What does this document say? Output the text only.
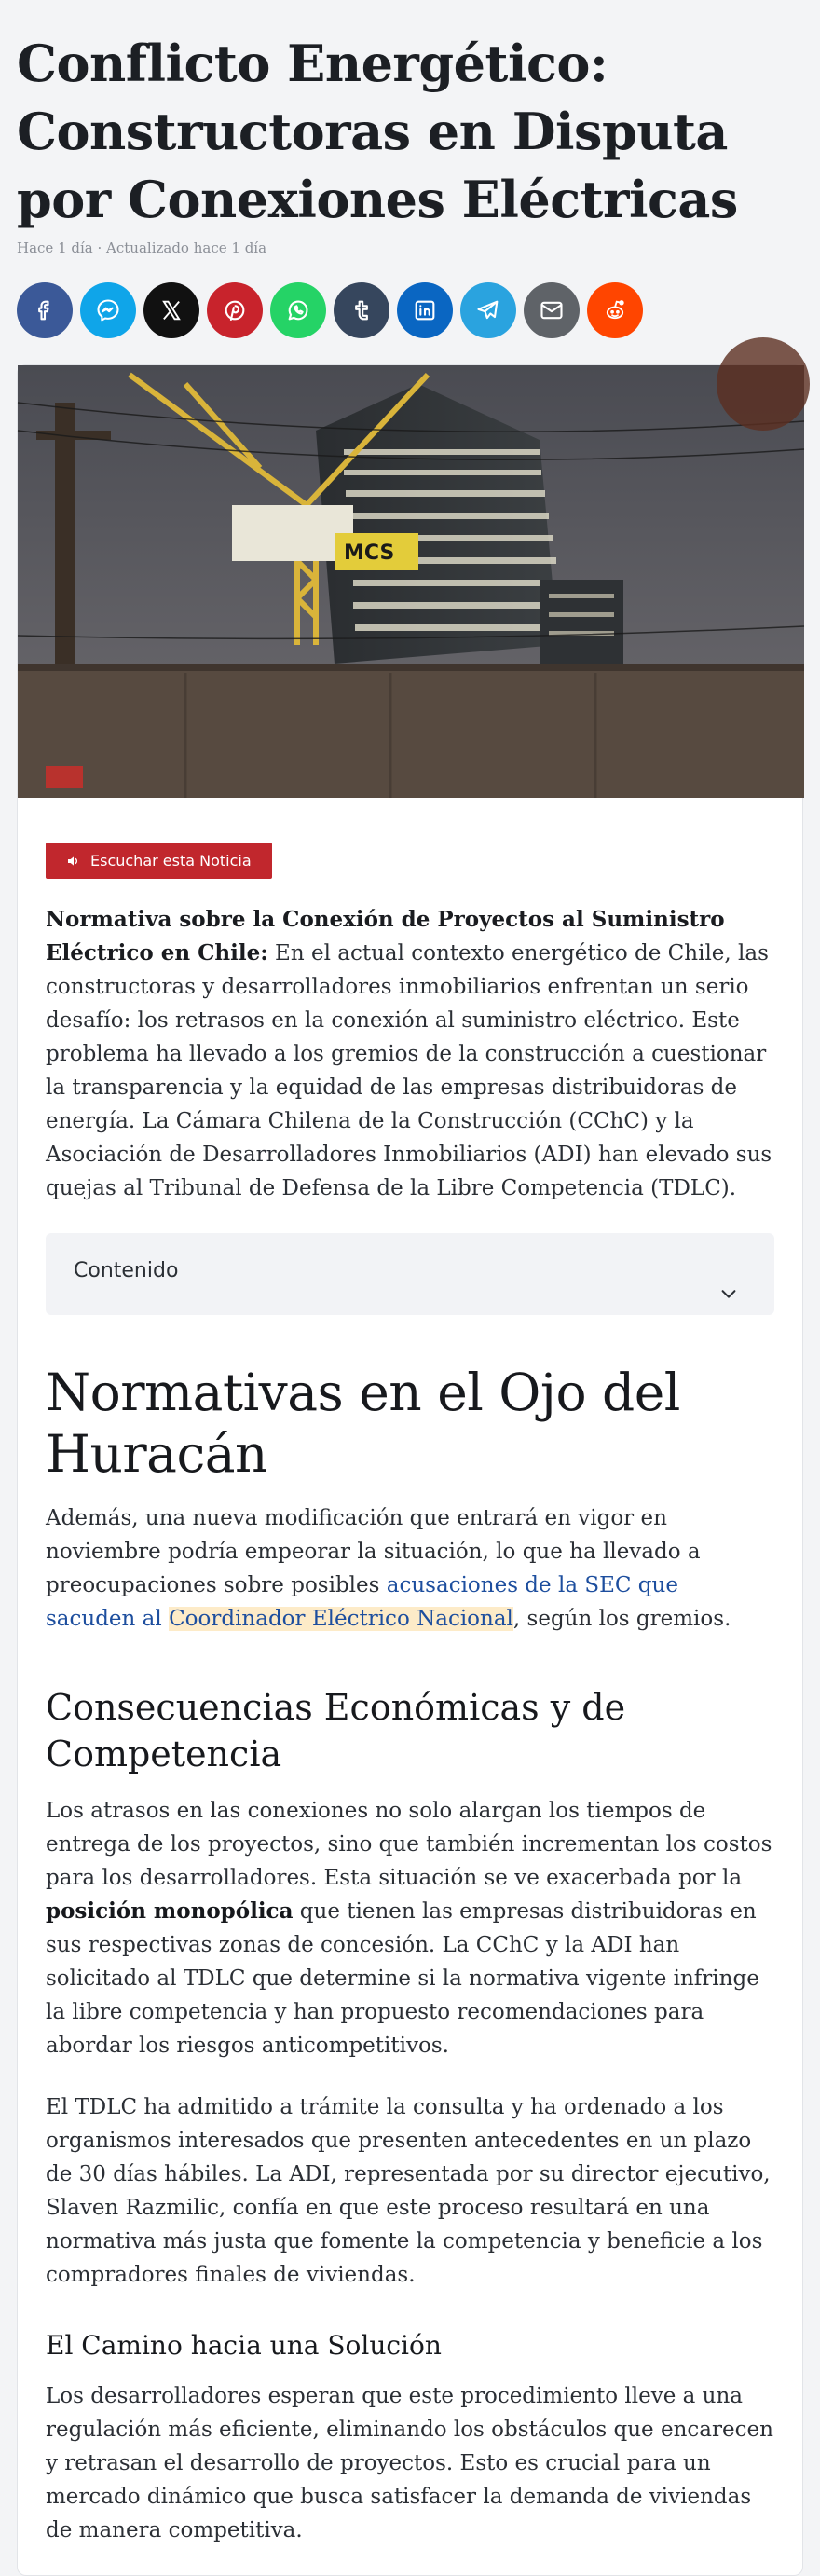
Conflicto Energético: Constructoras en Disputa por Conexiones Eléctricas
Hace 1 día · Actualizado hace 1 día
MCS
Escuchar esta Noticia

Normativa sobre la Conexión de Proyectos al Suministro Eléctrico en Chile: En el actual contexto energético de Chile, las constructoras y desarrolladores inmobiliarios enfrentan un serio desafío: los retrasos en la conexión al suministro eléctrico. Este problema ha llevado a los gremios de la construcción a cuestionar la transparencia y la equidad de las empresas distribuidoras de energía. La Cámara Chilena de la Construcción (CChC) y la Asociación de Desarrolladores Inmobiliarios (ADI) han elevado sus quejas al Tribunal de Defensa de la Libre Competencia (TDLC).

Contenido
Normativas en el Ojo del Huracán

Además, una nueva modificación que entrará en vigor en noviembre podría empeorar la situación, lo que ha llevado a preocupaciones sobre posibles acusaciones de la SEC que sacuden al Coordinador Eléctrico Nacional, según los gremios.

Consecuencias Económicas y de Competencia

Los atrasos en las conexiones no solo alargan los tiempos de entrega de los proyectos, sino que también incrementan los costos para los desarrolladores. Esta situación se ve exacerbada por la posición monopólica que tienen las empresas distribuidoras en sus respectivas zonas de concesión. La CChC y la ADI han solicitado al TDLC que determine si la normativa vigente infringe la libre competencia y han propuesto recomendaciones para abordar los riesgos anticompetitivos.

El TDLC ha admitido a trámite la consulta y ha ordenado a los organismos interesados que presenten antecedentes en un plazo de 30 días hábiles. La ADI, representada por su director ejecutivo, Slaven Razmilic, confía en que este proceso resultará en una normativa más justa que fomente la competencia y beneficie a los compradores finales de viviendas.

El Camino hacia una Solución

Los desarrolladores esperan que este procedimiento lleve a una regulación más eficiente, eliminando los obstáculos que encarecen y retrasan el desarrollo de proyectos. Esto es crucial para un mercado dinámico que busca satisfacer la demanda de viviendas de manera competitiva.
